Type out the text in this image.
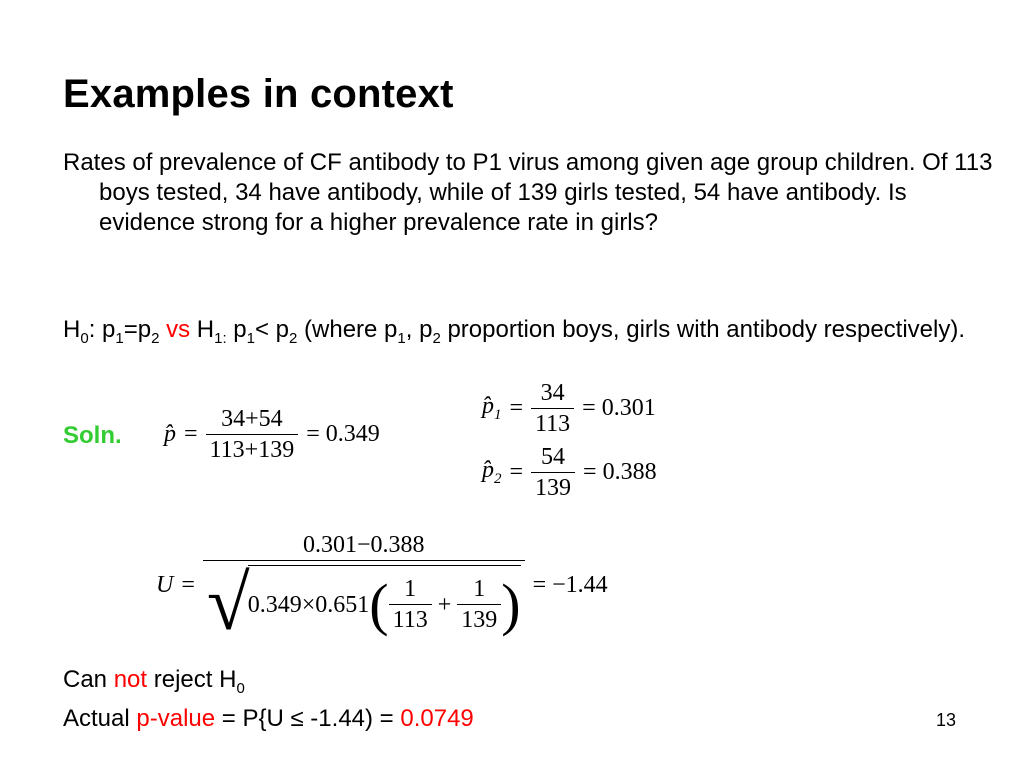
Examples in context
Rates of prevalence of CF antibody to P1 virus among given age group children. Of 113 boys tested, 34 have antibody, while of 139 girls tested, 54 have antibody. Is evidence strong for a higher prevalence rate in girls?
$H_0$: $p_1=p_2$ vs $H_{1:}$ $p_1< p_2$ (where $p_1$, $p_2$ proportion boys, girls with antibody respectively).
Soln. p̂ = $\frac{34+54}{113+139} = 0.349$
$p̂_1 = \frac{34}{113} = 0.301$
$p̂_2 = \frac{54}{139} = 0.388$
U =
0.301−0.388
√
0.349×0.651 ( $\frac{1}{113} + \frac{1}{139}$ ) = −1.44
Can not reject $H_0$
Actual p-value = P{U ≤ -1.44) = 0.0749	13
